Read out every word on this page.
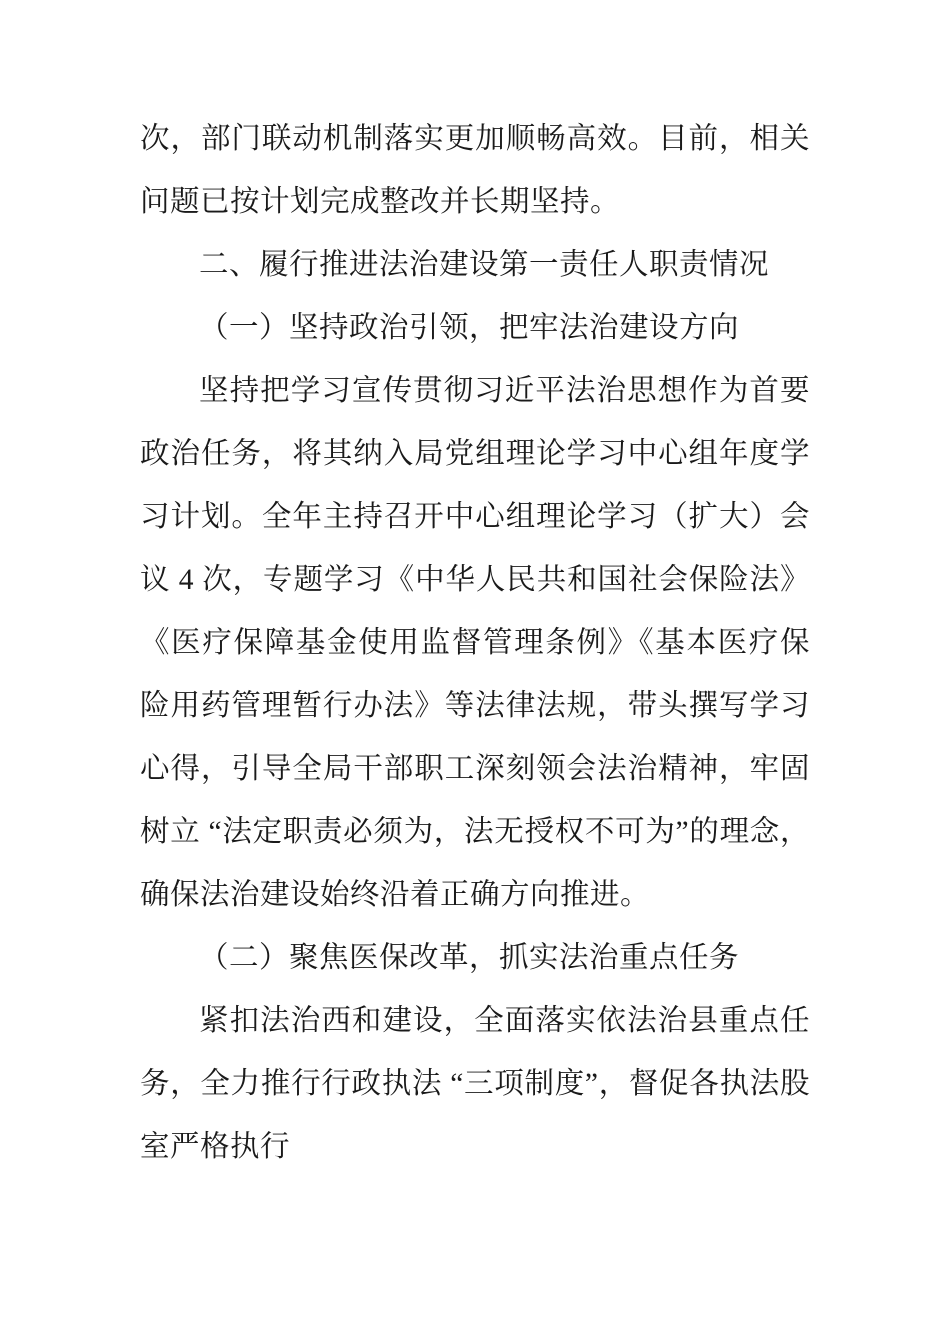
次，部门联动机制落实更加顺畅高效。目前，相关问题已按计划完成整改并长期坚持。

二、履行推进法治建设第一责任人职责情况

（一）坚持政治引领，把牢法治建设方向

坚持把学习宣传贯彻习近平法治思想作为首要政治任务，将其纳入局党组理论学习中心组年度学习计划。全年主持召开中心组理论学习（扩大）会议 4 次，专题学习《中华人民共和国社会保险法》《医疗保障基金使用监督管理条例》《基本医疗保险用药管理暂行办法》等法律法规，带头撰写学习心得，引导全局干部职工深刻领会法治精神，牢固树立 “法定职责必须为，法无授权不可为”的理念，确保法治建设始终沿着正确方向推进。

（二）聚焦医保改革，抓实法治重点任务

紧扣法治西和建设，全面落实依法治县重点任务，全力推行行政执法 “三项制度”，督促各执法股室严格执行
